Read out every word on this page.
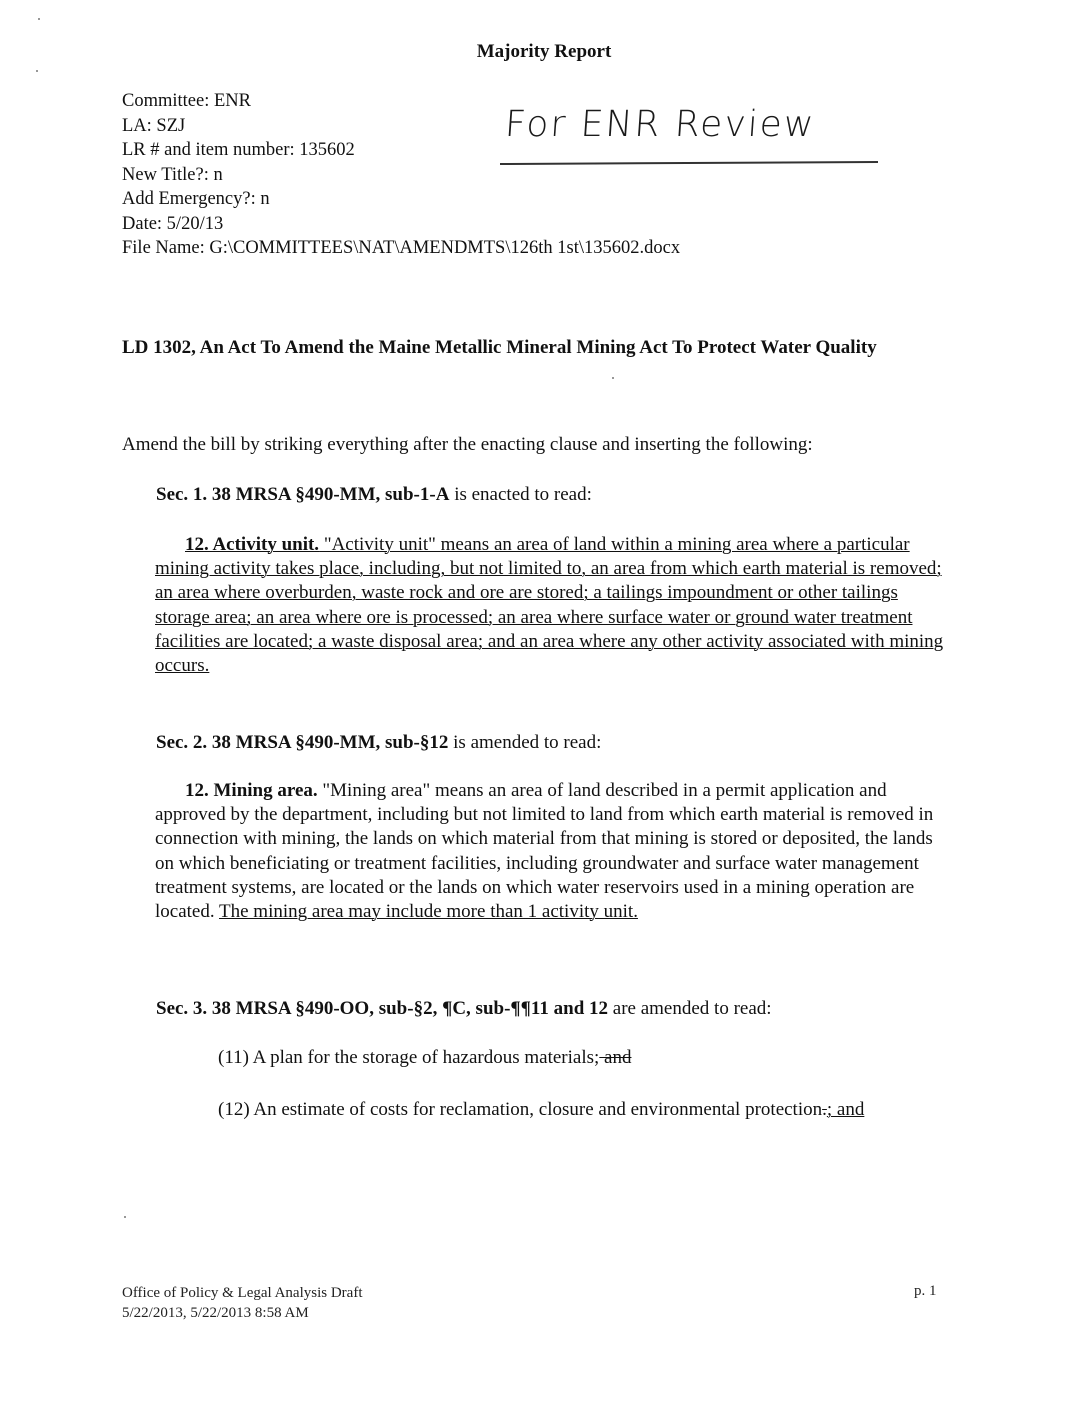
Majority Report
Committee: ENR
LA: SZJ
LR # and item number: 135602
New Title?: n
Add Emergency?: n
Date: 5/20/13
File Name: G:\COMMITTEES\NAT\AMENDMTS\126th 1st\135602.docx
For ENR Review
LD 1302, An Act To Amend the Maine Metallic Mineral Mining Act To Protect Water Quality
Amend the bill by striking everything after the enacting clause and inserting the following:
Sec. 1. 38 MRSA §490-MM, sub-1-A is enacted to read:
12. Activity unit. "Activity unit" means an area of land within a mining area where a particular mining activity takes place, including, but not limited to, an area from which earth material is removed; an area where overburden, waste rock and ore are stored; a tailings impoundment or other tailings storage area; an area where ore is processed; an area where surface water or ground water treatment facilities are located; a waste disposal area; and an area where any other activity associated with mining occurs.
Sec. 2. 38 MRSA §490-MM, sub-§12 is amended to read:
12. Mining area. "Mining area" means an area of land described in a permit application and approved by the department, including but not limited to land from which earth material is removed in connection with mining, the lands on which material from that mining is stored or deposited, the lands on which beneficiating or treatment facilities, including groundwater and surface water management treatment systems, are located or the lands on which water reservoirs used in a mining operation are located. The mining area may include more than 1 activity unit.
Sec. 3. 38 MRSA §490-OO, sub-§2, ¶C, sub-¶¶11 and 12 are amended to read:
(11) A plan for the storage of hazardous materials; and
(12) An estimate of costs for reclamation, closure and environmental protection.; and
Office of Policy & Legal Analysis Draft
5/22/2013, 5/22/2013 8:58 AM
p. 1
